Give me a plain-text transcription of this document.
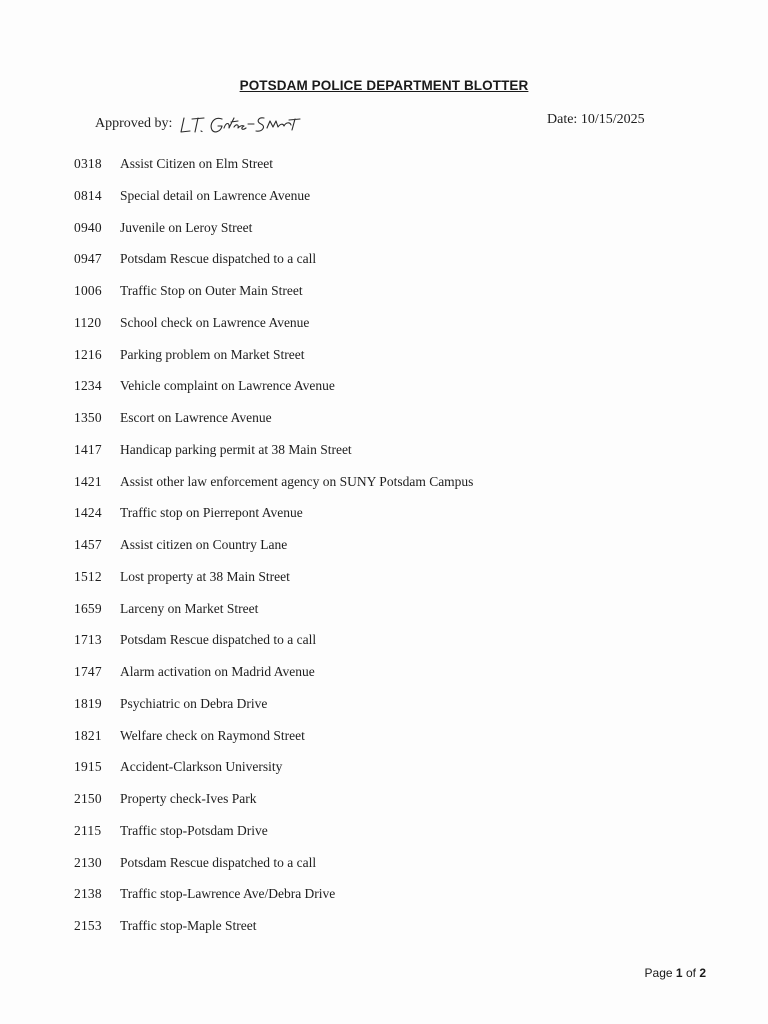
POTSDAM POLICE DEPARTMENT BLOTTER
Approved by:	Date: 10/15/2025
0318	Assist Citizen on Elm Street
0814	Special detail on Lawrence Avenue
0940	Juvenile on Leroy Street
0947	Potsdam Rescue dispatched to a call
1006	Traffic Stop on Outer Main Street
1120	School check on Lawrence Avenue
1216	Parking problem on Market Street
1234	Vehicle complaint on Lawrence Avenue
1350	Escort on Lawrence Avenue
1417	Handicap parking permit at 38 Main Street
1421	Assist other law enforcement agency on SUNY Potsdam Campus
1424	Traffic stop on Pierrepont Avenue
1457	Assist citizen on Country Lane
1512	Lost property at 38 Main Street
1659	Larceny on Market Street
1713	Potsdam Rescue dispatched to a call
1747	Alarm activation on Madrid Avenue
1819	Psychiatric on Debra Drive
1821	Welfare check on Raymond Street
1915	Accident-Clarkson University
2150	Property check-Ives Park
2115	Traffic stop-Potsdam Drive
2130	Potsdam Rescue dispatched to a call
2138	Traffic stop-Lawrence Ave/Debra Drive
2153	Traffic stop-Maple Street
Page 1 of 2
